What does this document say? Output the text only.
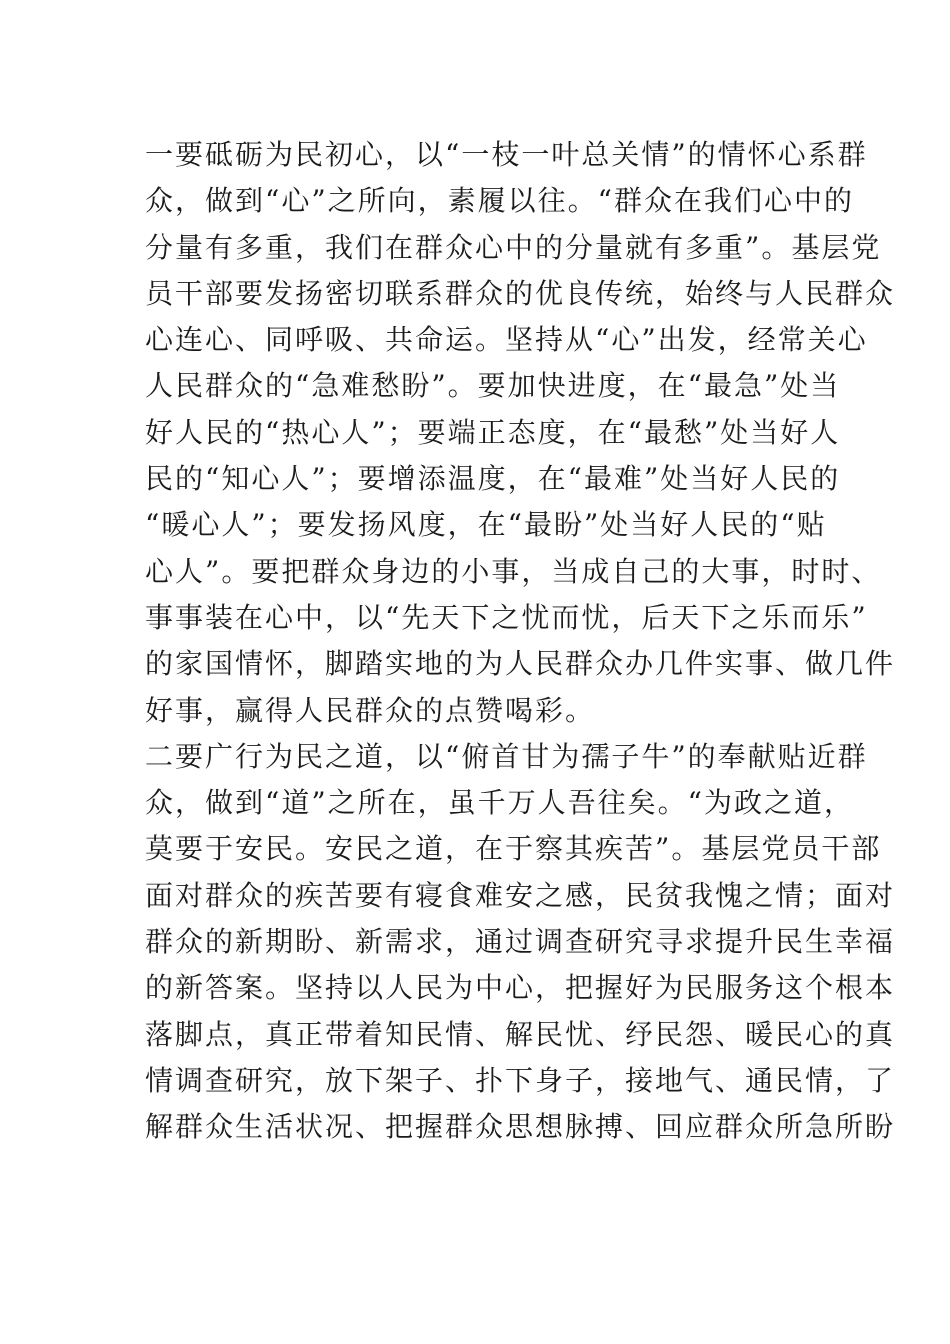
一要砥砺为民初心，以“一枝一叶总关情”的情怀心系群
众，做到“心”之所向，素履以往。“群众在我们心中的
分量有多重，我们在群众心中的分量就有多重”。基层党
员干部要发扬密切联系群众的优良传统，始终与人民群众
心连心、同呼吸、共命运。坚持从“心”出发，经常关心
人民群众的“急难愁盼”。要加快进度，在“最急”处当
好人民的“热心人”；要端正态度，在“最愁”处当好人
民的“知心人”；要增添温度，在“最难”处当好人民的
“暖心人”；要发扬风度，在“最盼”处当好人民的“贴
心人”。要把群众身边的小事，当成自己的大事，时时、
事事装在心中，以“先天下之忧而忧，后天下之乐而乐”
的家国情怀，脚踏实地的为人民群众办几件实事、做几件
好事，赢得人民群众的点赞喝彩。
二要广行为民之道，以“俯首甘为孺子牛”的奉献贴近群
众，做到“道”之所在，虽千万人吾往矣。“为政之道，
莫要于安民。安民之道，在于察其疾苦”。基层党员干部
面对群众的疾苦要有寝食难安之感，民贫我愧之情；面对
群众的新期盼、新需求，通过调查研究寻求提升民生幸福
的新答案。坚持以人民为中心，把握好为民服务这个根本
落脚点，真正带着知民情、解民忧、纾民怨、暖民心的真
情调查研究，放下架子、扑下身子，接地气、通民情，了
解群众生活状况、把握群众思想脉搏、回应群众所急所盼
